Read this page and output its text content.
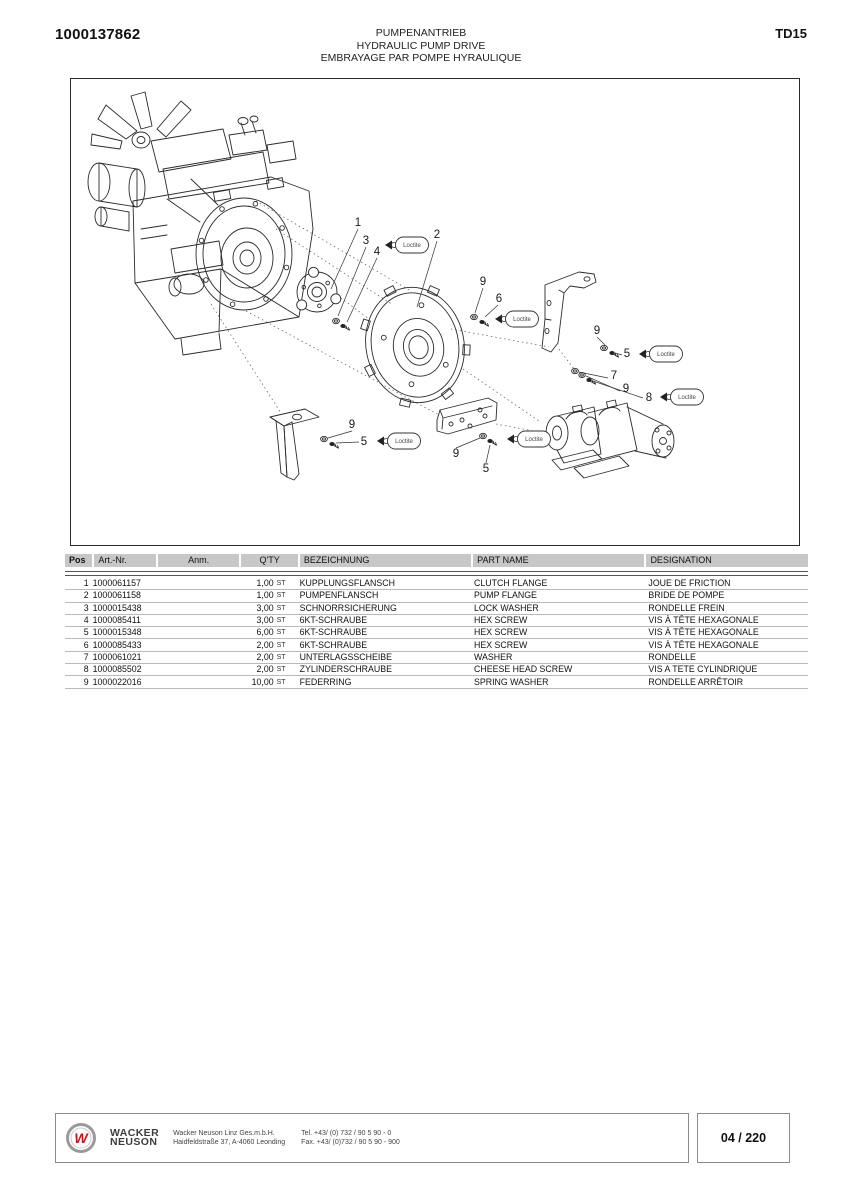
1000137862	PUMPENANTRIEB
HYDRAULIC PUMP DRIVE
EMBRAYAGE PAR POMPE HYRAULIQUE
TD15
1
3
4
2
9
6
9
5
7
9
8
9
5
9
5
Loctite
Loctite
Loctite
Loctite
Loctite	Loctite
Pos	Art.-Nr.	Anm.	Q'TY	BEZEICHNUNG	PART NAME	DESIGNATION
1 1000061157	1,00 ST	KUPPLUNGSFLANSCH	CLUTCH FLANGE	JOUE DE FRICTION
2 1000061158	1,00 ST	PUMPENFLANSCH	PUMP FLANGE	BRIDE DE POMPE
3 1000015438	3,00 ST	SCHNORRSICHERUNG	LOCK WASHER	RONDELLE FREIN
4 1000085411	3,00 ST	6KT-SCHRAUBE	HEX SCREW	VIS À TÊTE HEXAGONALE
5 1000015348	6,00 ST	6KT-SCHRAUBE	HEX SCREW	VIS À TÊTE HEXAGONALE
6 1000085433	2,00 ST	6KT-SCHRAUBE	HEX SCREW	VIS À TÊTE HEXAGONALE
7 1000061021	2,00 ST	UNTERLAGSSCHEIBE	WASHER	RONDELLE
8 1000085502	2,00 ST	ZYLINDERSCHRAUBE	CHEESE HEAD SCREW	VIS A TETE CYLINDRIQUE
9 1000022016	10,00 ST	FEDERRING	SPRING WASHER	RONDELLE ARRÊTOIR
W WACKER
NEUSON
Wacker Neuson Linz Ges.m.b.H.
Haidfeldstraße 37, A-4060 Leonding
Tel. +43/ (0) 732 / 90 5 90 - 0
Fax. +43/ (0)732 / 90 5 90 - 900	04 / 220
